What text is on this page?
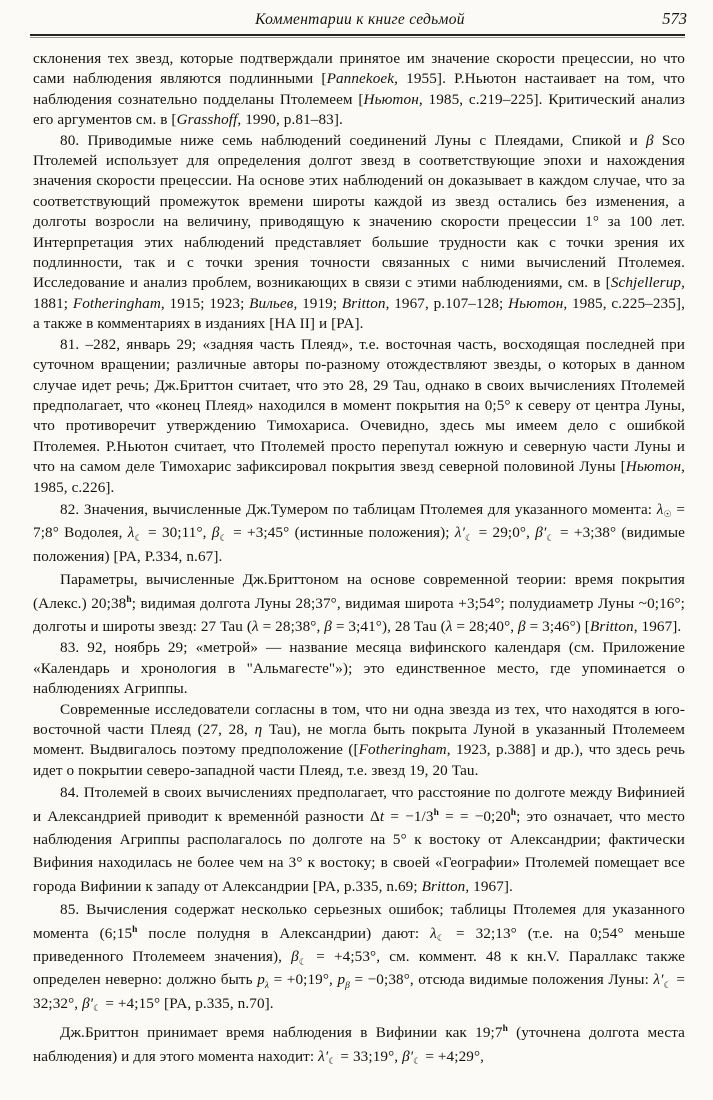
Комментарии к книге седьмой	573

склонения тех звезд, которые подтверждали принятое им значение скорости прецессии, но что сами наблюдения являются подлинными [Pannekoek, 1955]. Р.Ньютон настаивает на том, что наблюдения сознательно подделаны Птолемеем [Ньютон, 1985, с.219–225]. Критический анализ его аргументов см. в [Grasshoff, 1990, p.81–83].

80. Приводимые ниже семь наблюдений соединений Луны с Плеядами, Спикой и β Sco Птолемей использует для определения долгот звезд в соответствующие эпохи и нахождения значения скорости прецессии. На основе этих наблюдений он доказывает в каждом случае, что за соответствующий промежуток времени широты каждой из звезд остались без изменения, а долготы возросли на величину, приводящую к значению скорости прецессии 1° за 100 лет. Интерпретация этих наблюдений представляет большие трудности как с точки зрения их подлинности, так и с точки зрения точности связанных с ними вычислений Птолемея. Исследование и анализ проблем, возникающих в связи с этими наблюдениями, см. в [Schjellerup, 1881; Fotheringham, 1915; 1923; Вильев, 1919; Britton, 1967, p.107–128; Ньютон, 1985, с.225–235], а также в комментариях в изданиях [HA II] и [PA].

81. –282, январь 29; «задняя часть Плеяд», т.е. восточная часть, восходящая последней при суточном вращении; различные авторы по-разному отождествляют звезды, о которых в данном случае идет речь; Дж.Бриттон считает, что это 28, 29 Tau, однако в своих вычислениях Птолемей предполагает, что «конец Плеяд» находился в момент покрытия на 0;5° к северу от центра Луны, что противоречит утверждению Тимохариса. Очевидно, здесь мы имеем дело с ошибкой Птолемея. Р.Ньютон считает, что Птолемей просто перепутал южную и северную части Луны и что на самом деле Тимохарис зафиксировал покрытия звезд северной половиной Луны [Ньютон, 1985, с.226].

82. Значения, вычисленные Дж.Тумером по таблицам Птолемея для указанного момента: $\lambda_☉$ = 7;8° Водолея, $\lambda_☾$ = 30;11°, $\beta_☾$ = +3;45° (истинные положения); $\lambda'_☾$ = 29;0°, $\beta'_☾$ = +3;38° (видимые положения) [PA, P.334, n.67].

Параметры, вычисленные Дж.Бриттоном на основе современной теории: время покрытия (Алекс.) 20;38$^h$; видимая долгота Луны 28;37°, видимая широта +3;54°; полудиаметр Луны ~0;16°; долготы и широты звезд: 27 Tau (λ = 28;38°, β = 3;41°), 28 Tau (λ = 28;40°, β = 3;46°) [Britton, 1967].

83. 92, ноябрь 29; «метрой» — название месяца вифинского календаря (см. Приложение «Календарь и хронология в "Альмагесте"»); это единственное место, где упоминается о наблюдениях Агриппы.

Современные исследователи согласны в том, что ни одна звезда из тех, что находятся в юго-восточной части Плеяд (27, 28, η Tau), не могла быть покрыта Луной в указанный Птолемеем момент. Выдвигалось поэтому предположение ([Fotheringham, 1923, p.388] и др.), что здесь речь идет о покрытии северо-западной части Плеяд, т.е. звезд 19, 20 Tau.

84. Птолемей в своих вычислениях предполагает, что расстояние по долготе между Вифинией и Александрией приводит к временнóй разности $\Delta t = -1/3^h$ = = $-0;20^h$; это означает, что место наблюдения Агриппы располагалось по долготе на 5° к востоку от Александрии; фактически Вифиния находилась не более чем на 3° к востоку; в своей «Географии» Птолемей помещает все города Вифинии к западу от Александрии [PA, p.335, n.69; Britton, 1967].

85. Вычисления содержат несколько серьезных ошибок; таблицы Птолемея для указанного момента (6;15$^h$ после полудня в Александрии) дают: $\lambda_☾$ = 32;13° (т.е. на 0;54° меньше приведенного Птолемеем значения), $\beta_☾$ = +4;53°, см. коммент. 48 к кн.V. Параллакс также определен неверно: должно быть $p_\lambda$ = +0;19°, $p_\beta$ = −0;38°, отсюда видимые положения Луны: $\lambda'_☾$ = 32;32°, $\beta'_☾$ = +4;15° [PA, p.335, n.70].

Дж.Бриттон принимает время наблюдения в Вифинии как 19;7$^h$ (уточнена долгота места наблюдения) и для этого момента находит: $\lambda'_☾$ = 33;19°, $\beta'_☾$ = +4;29°,
